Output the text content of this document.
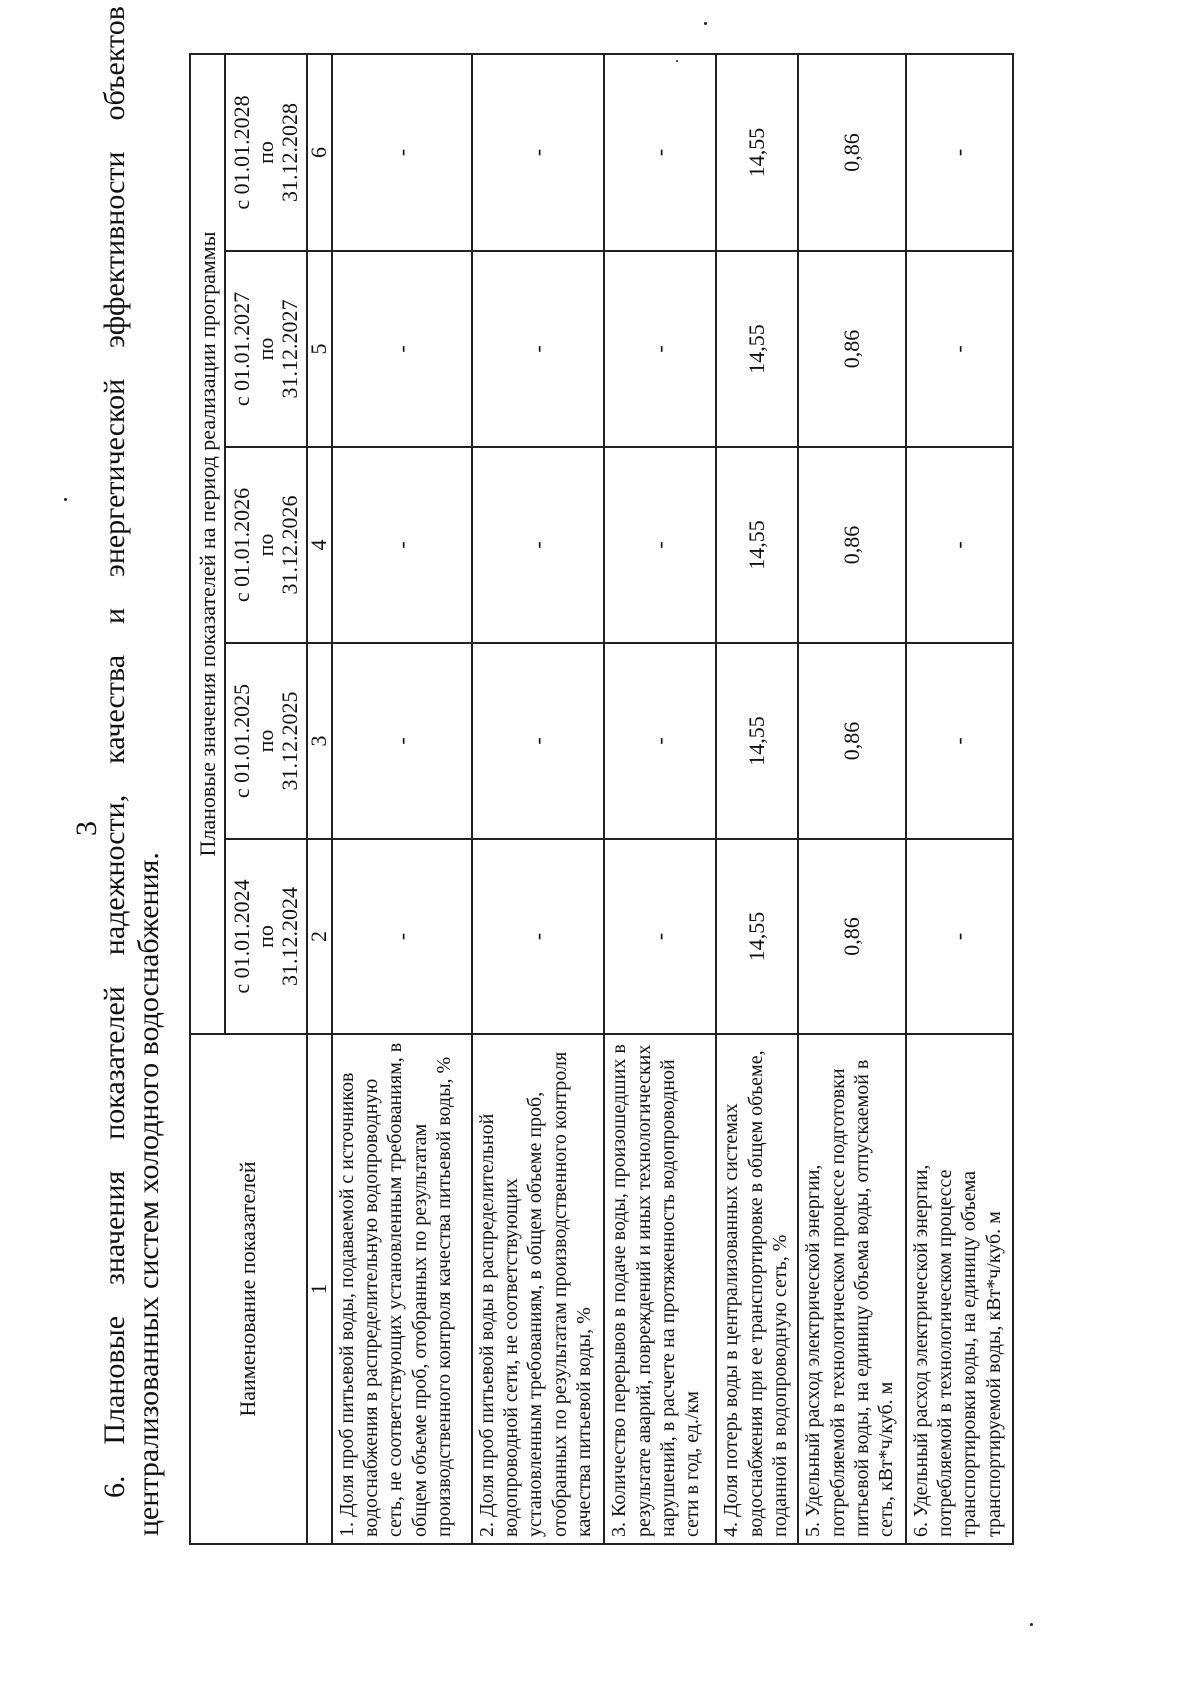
3
6.
Плановые
значения
показателей
надежности,
качества
и
энергетической
эффективности
объектов
централизованных систем холодного водоснабжения.	Наименование показателей	Плановые значения показателей на период реализации программы				
	с 01.01.2024
по
31.12.2024	с 01.01.2025
по
31.12.2025	с 01.01.2026
по
31.12.2026	с 01.01.2027
по
31.12.2027	с 01.01.2028
по
31.12.2028
1	2	3	4	5	6
1. Доля проб питьевой воды, подаваемой с источников водоснабжения в распределительную водопроводную сеть, не соответствующих установленным требованиям, в общем объеме проб, отобранных по результатам производственного контроля качества питьевой воды, %	-	-	-	-	-
2. Доля проб питьевой воды в распределительной водопроводной сети, не соответствующих установленным требованиям, в общем объеме проб, отобранных по результатам производственного контроля качества питьевой воды, %	-	-	-	-	-
3. Количество перерывов в подаче воды, произошедших в результате аварий, повреждений и иных технологических нарушений, в расчете на протяженность водопроводной сети в год, ед./км	-	-	-	-	-
4. Доля потерь воды в централизованных системах водоснабжения при ее транспортировке в общем объеме, поданной в водопроводную сеть, %	14,55	14,55	14,55	14,55	14,55
5. Удельный расход электрической энергии, потребляемой в технологическом процессе подготовки питьевой воды, на единицу объема воды, отпускаемой в сеть, кВт*ч/куб. м	0,86	0,86	0,86	0,86	0,86
6. Удельный расход электрической энергии, потребляемой в технологическом процессе транспортировки воды, на единицу объема транспортируемой воды, кВт*ч/куб. м	-	-	-	-	-
